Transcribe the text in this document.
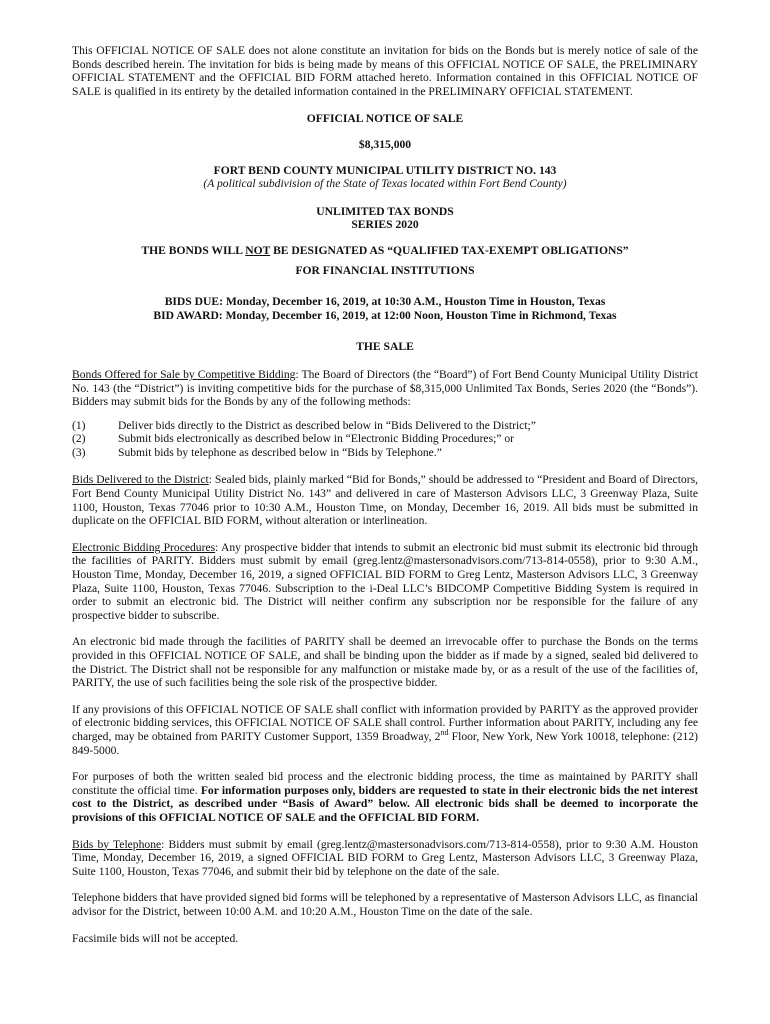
This OFFICIAL NOTICE OF SALE does not alone constitute an invitation for bids on the Bonds but is merely notice of sale of the Bonds described herein. The invitation for bids is being made by means of this OFFICIAL NOTICE OF SALE, the PRELIMINARY OFFICIAL STATEMENT and the OFFICIAL BID FORM attached hereto. Information contained in this OFFICIAL NOTICE OF SALE is qualified in its entirety by the detailed information contained in the PRELIMINARY OFFICIAL STATEMENT.

OFFICIAL NOTICE OF SALE
$8,315,000
FORT BEND COUNTY MUNICIPAL UTILITY DISTRICT NO. 143
(A political subdivision of the State of Texas located within Fort Bend County)
UNLIMITED TAX BONDS
SERIES 2020
THE BONDS WILL NOT BE DESIGNATED AS “QUALIFIED TAX-EXEMPT OBLIGATIONS”
FOR FINANCIAL INSTITUTIONS
BIDS DUE: Monday, December 16, 2019, at 10:30 A.M., Houston Time in Houston, Texas
BID AWARD: Monday, December 16, 2019, at 12:00 Noon, Houston Time in Richmond, Texas
THE SALE

Bonds Offered for Sale by Competitive Bidding: The Board of Directors (the “Board”) of Fort Bend County Municipal Utility District No. 143 (the “District”) is inviting competitive bids for the purchase of $8,315,000 Unlimited Tax Bonds, Series 2020 (the “Bonds”). Bidders may submit bids for the Bonds by any of the following methods:

(1)	Deliver bids directly to the District as described below in “Bids Delivered to the District;”
(2)	Submit bids electronically as described below in “Electronic Bidding Procedures;” or
(3)	Submit bids by telephone as described below in “Bids by Telephone.”

Bids Delivered to the District: Sealed bids, plainly marked “Bid for Bonds,” should be addressed to “President and Board of Directors, Fort Bend County Municipal Utility District No. 143” and delivered in care of Masterson Advisors LLC, 3 Greenway Plaza, Suite 1100, Houston, Texas 77046 prior to 10:30 A.M., Houston Time, on Monday, December 16, 2019. All bids must be submitted in duplicate on the OFFICIAL BID FORM, without alteration or interlineation.

Electronic Bidding Procedures: Any prospective bidder that intends to submit an electronic bid must submit its electronic bid through the facilities of PARITY. Bidders must submit by email (greg.lentz@mastersonadvisors.com/713-814-0558), prior to 9:30 A.M., Houston Time, Monday, December 16, 2019, a signed OFFICIAL BID FORM to Greg Lentz, Masterson Advisors LLC, 3 Greenway Plaza, Suite 1100, Houston, Texas 77046. Subscription to the i-Deal LLC’s BIDCOMP Competitive Bidding System is required in order to submit an electronic bid. The District will neither confirm any subscription nor be responsible for the failure of any prospective bidder to subscribe.

An electronic bid made through the facilities of PARITY shall be deemed an irrevocable offer to purchase the Bonds on the terms provided in this OFFICIAL NOTICE OF SALE, and shall be binding upon the bidder as if made by a signed, sealed bid delivered to the District. The District shall not be responsible for any malfunction or mistake made by, or as a result of the use of the facilities of, PARITY, the use of such facilities being the sole risk of the prospective bidder.

If any provisions of this OFFICIAL NOTICE OF SALE shall conflict with information provided by PARITY as the approved provider of electronic bidding services, this OFFICIAL NOTICE OF SALE shall control. Further information about PARITY, including any fee charged, may be obtained from PARITY Customer Support, 1359 Broadway, 2nd Floor, New York, New York 10018, telephone: (212) 849-5000.

For purposes of both the written sealed bid process and the electronic bidding process, the time as maintained by PARITY shall constitute the official time. For information purposes only, bidders are requested to state in their electronic bids the net interest cost to the District, as described under “Basis of Award” below. All electronic bids shall be deemed to incorporate the provisions of this OFFICIAL NOTICE OF SALE and the OFFICIAL BID FORM.

Bids by Telephone: Bidders must submit by email (greg.lentz@mastersonadvisors.com/713-814-0558), prior to 9:30 A.M. Houston Time, Monday, December 16, 2019, a signed OFFICIAL BID FORM to Greg Lentz, Masterson Advisors LLC, 3 Greenway Plaza, Suite 1100, Houston, Texas 77046, and submit their bid by telephone on the date of the sale.

Telephone bidders that have provided signed bid forms will be telephoned by a representative of Masterson Advisors LLC, as financial advisor for the District, between 10:00 A.M. and 10:20 A.M., Houston Time on the date of the sale.

Facsimile bids will not be accepted.
